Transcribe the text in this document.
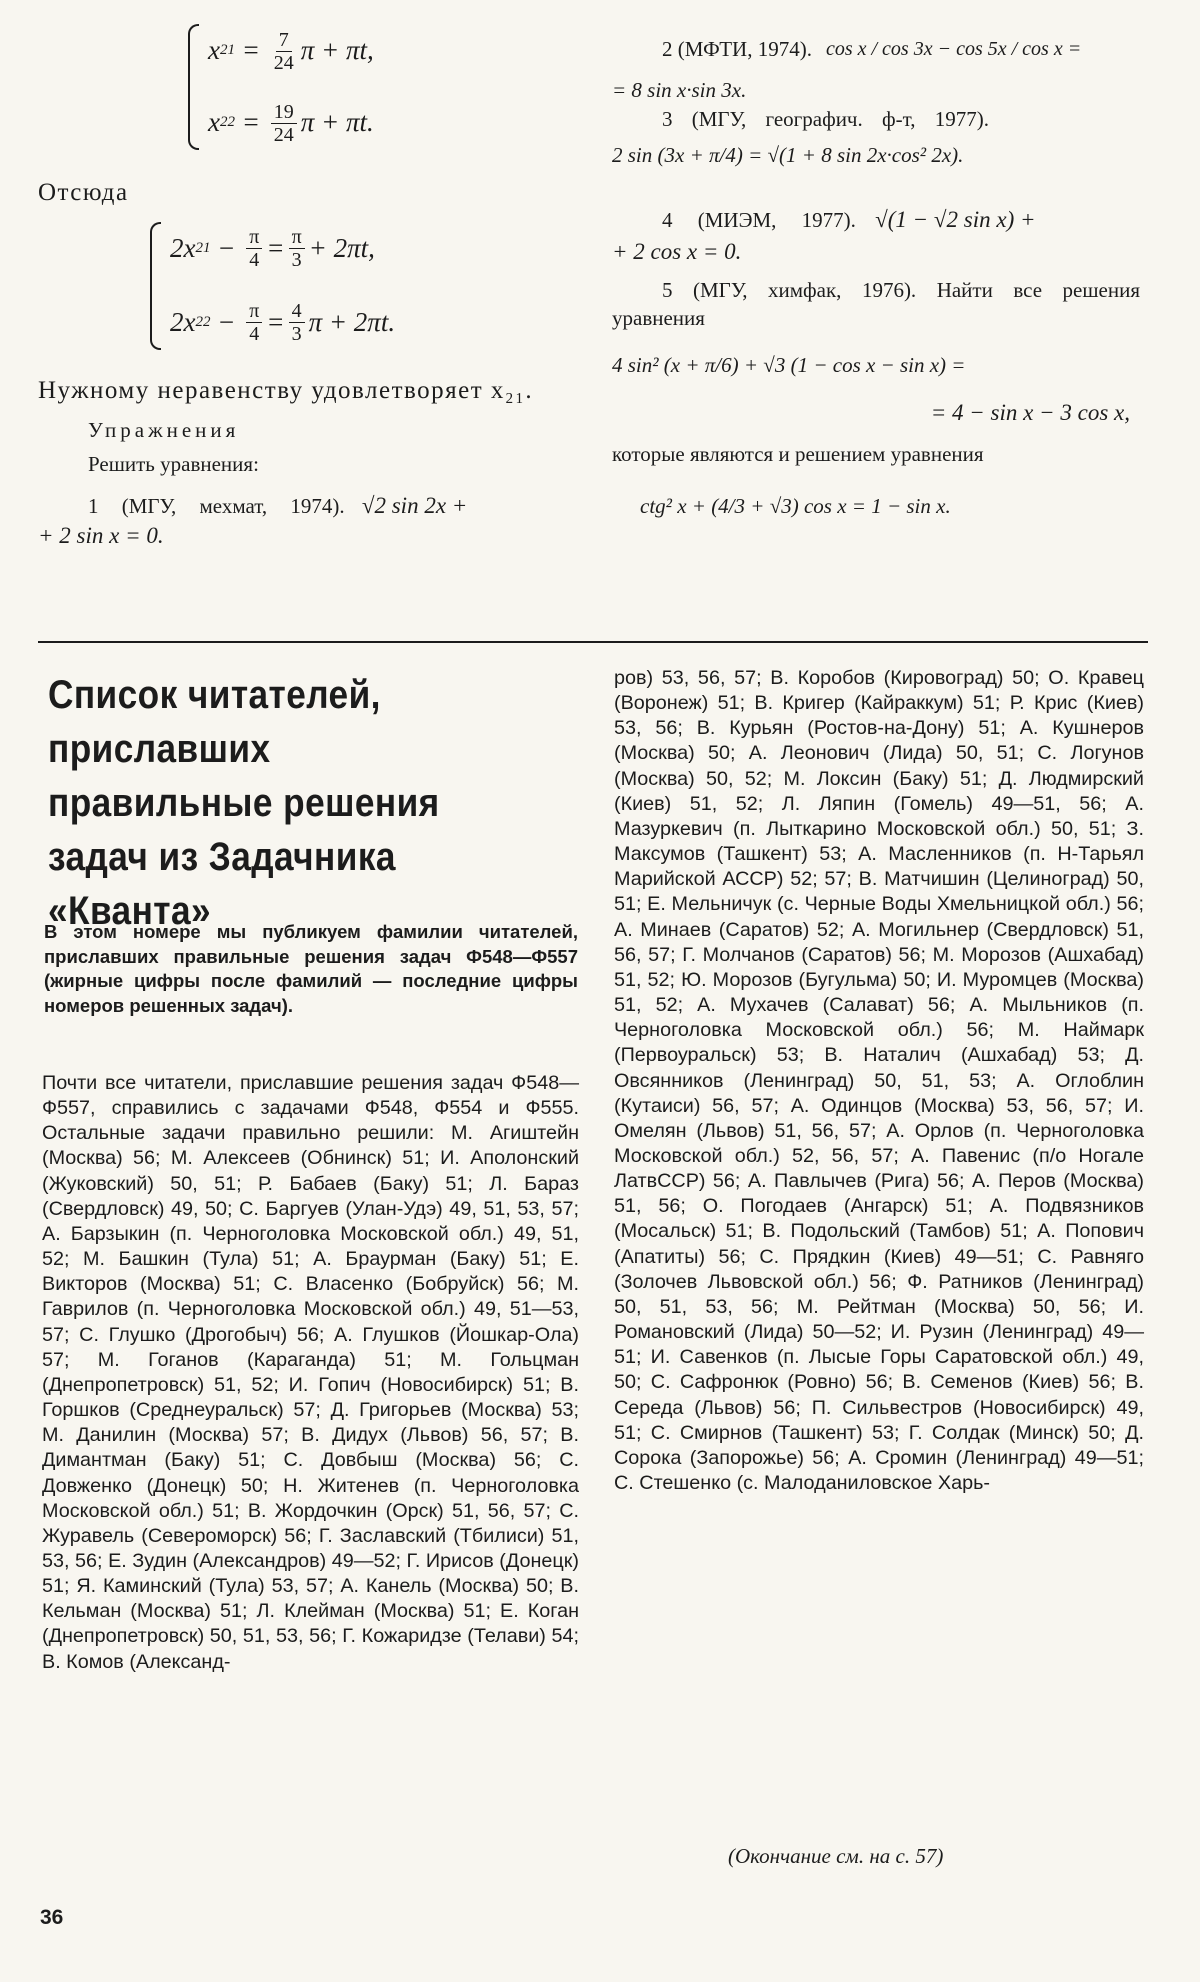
x $21 = \frac{7}{24}$ π + πt,
x $22 = \frac{19}{24}$ π + πt.
Отсюда
2x $21 - \frac{\pi}{4} = \frac{\pi}{3} + 2\pi t$,
2x $22 - \frac{\pi}{4} = \frac{4}{3}$ π + 2πt.

Нужному неравенству удовлетворяет x₂₁.

Упражнения
Решить уравнения:
1 (МГУ, мехмат, 1974). √2 sin 2x +
+ 2 sin x = 0.
2 (МФТИ, 1974). cos x / cos 3x − cos 5x / cos x =
= 8 sin x·sin 3x.
3 (МГУ, географич. ф-т, 1977).
2 sin (3x + π/4) = √(1 + 8 sin 2x·cos² 2x).
4 (МИЭМ, 1977). √(1 − √2 sin x) +
+ 2 cos x = 0.

5 (МГУ, химфак, 1976). Найти все решения уравнения

4 sin² (x + π/6) + √3 (1 − cos x − sin x) =
= 4 − sin x − 3 cos x,
которые являются и решением уравнения
ctg² x + (4/3 + √3) cos x = 1 − sin x.
Список читателей, приславших правильные решения задач из Задачника «Кванта»

В этом номере мы публикуем фамилии читателей, приславших правильные решения задач Ф548—Ф557 (жирные цифры после фамилий — последние цифры номеров решенных задач).

Почти все читатели, приславшие решения задач Ф548—Ф557, справились с задачами Ф548, Ф554 и Ф555. Остальные задачи правильно решили: М. Агиштейн (Москва) 56; М. Алексеев (Обнинск) 51; И. Аполонский (Жуковский) 50, 51; Р. Бабаев (Баку) 51; Л. Бараз (Свердловск) 49, 50; С. Баргуев (Улан-Удэ) 49, 51, 53, 57; А. Барзыкин (п. Черноголовка Московской обл.) 49, 51, 52; М. Башкин (Тула) 51; А. Браурман (Баку) 51; Е. Викторов (Москва) 51; С. Власенко (Бобруйск) 56; М. Гаврилов (п. Черноголовка Московской обл.) 49, 51—53, 57; С. Глушко (Дрогобыч) 56; А. Глушков (Йошкар-Ола) 57; М. Гоганов (Караганда) 51; М. Гольцман (Днепропетровск) 51, 52; И. Гопич (Новосибирск) 51; В. Горшков (Среднеуральск) 57; Д. Григорьев (Москва) 53; М. Данилин (Москва) 57; В. Дидух (Львов) 56, 57; В. Димантман (Баку) 51; С. Довбыш (Москва) 56; С. Довженко (Донецк) 50; Н. Житенев (п. Черноголовка Московской обл.) 51; В. Жордочкин (Орск) 51, 56, 57; С. Журавель (Североморск) 56; Г. Заславский (Тбилиси) 51, 53, 56; Е. Зудин (Александров) 49—52; Г. Ирисов (Донецк) 51; Я. Каминский (Тула) 53, 57; А. Канель (Москва) 50; В. Кельман (Москва) 51; Л. Клейман (Москва) 51; Е. Коган (Днепропетровск) 50, 51, 53, 56; Г. Кожаридзе (Телави) 54; В. Комов (Александ-

ров) 53, 56, 57; В. Коробов (Кировоград) 50; О. Кравец (Воронеж) 51; В. Кригер (Кайраккум) 51; Р. Крис (Киев) 53, 56; В. Курьян (Ростов-на-Дону) 51; А. Кушнеров (Москва) 50; А. Леонович (Лида) 50, 51; С. Логунов (Москва) 50, 52; М. Локсин (Баку) 51; Д. Людмирский (Киев) 51, 52; Л. Ляпин (Гомель) 49—51, 56; А. Мазуркевич (п. Лыткарино Московской обл.) 50, 51; З. Максумов (Ташкент) 53; А. Масленников (п. Н-Тарьял Марийской АССР) 52; 57; В. Матчишин (Целиноград) 50, 51; Е. Мельничук (с. Черные Воды Хмельницкой обл.) 56; А. Минаев (Саратов) 52; А. Могильнер (Свердловск) 51, 56, 57; Г. Молчанов (Саратов) 56; М. Морозов (Ашхабад) 51, 52; Ю. Морозов (Бугульма) 50; И. Муромцев (Москва) 51, 52; А. Мухачев (Салават) 56; А. Мыльников (п. Черноголовка Московской обл.) 56; М. Наймарк (Первоуральск) 53; В. Наталич (Ашхабад) 53; Д. Овсянников (Ленинград) 50, 51, 53; А. Оглоблин (Кутаиси) 56, 57; А. Одинцов (Москва) 53, 56, 57; И. Омелян (Львов) 51, 56, 57; А. Орлов (п. Черноголовка Московской обл.) 52, 56, 57; А. Павенис (п/о Ногале ЛатвССР) 56; А. Павлычев (Рига) 56; А. Перов (Москва) 51, 56; О. Погодаев (Ангарск) 51; А. Подвязников (Мосальск) 51; В. Подольский (Тамбов) 51; А. Попович (Апатиты) 56; С. Прядкин (Киев) 49—51; С. Равняго (Золочев Львовской обл.) 56; Ф. Ратников (Ленинград) 50, 51, 53, 56; М. Рейтман (Москва) 50, 56; И. Романовский (Лида) 50—52; И. Рузин (Ленинград) 49—51; И. Савенков (п. Лысые Горы Саратовской обл.) 49, 50; С. Сафронюк (Ровно) 56; В. Семенов (Киев) 56; В. Середа (Львов) 56; П. Сильвестров (Новосибирск) 49, 51; С. Смирнов (Ташкент) 53; Г. Солдак (Минск) 50; Д. Сорока (Запорожье) 56; А. Сромин (Ленинград) 49—51; С. Стешенко (с. Малоданиловское Харь-

(Окончание см. на с. 57)
36
